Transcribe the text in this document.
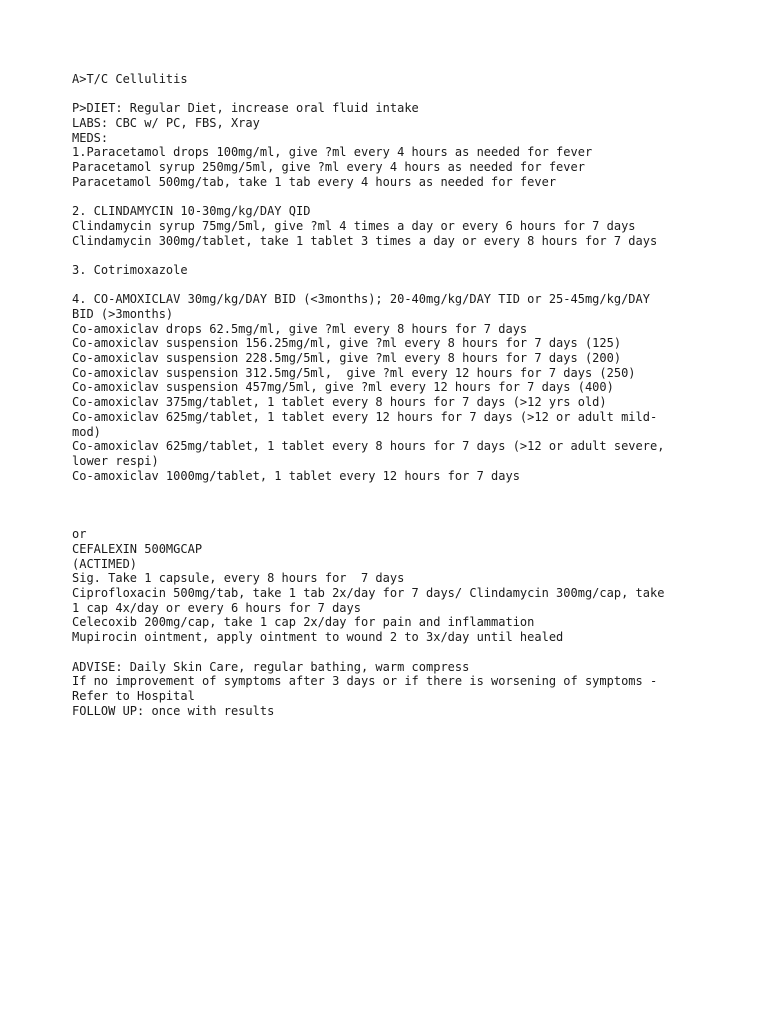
A>T/C Cellulitis
P>DIET: Regular Diet, increase oral fluid intake
LABS: CBC w/ PC, FBS, Xray
MEDS:
1.Paracetamol drops 100mg/ml, give ?ml every 4 hours as needed for fever
Paracetamol syrup 250mg/5ml, give ?ml every 4 hours as needed for fever
Paracetamol 500mg/tab, take 1 tab every 4 hours as needed for fever
2. CLINDAMYCIN 10-30mg/kg/DAY QID
Clindamycin syrup 75mg/5ml, give ?ml 4 times a day or every 6 hours for 7 days
Clindamycin 300mg/tablet, take 1 tablet 3 times a day or every 8 hours for 7 days
3. Cotrimoxazole
4. CO-AMOXICLAV 30mg/kg/DAY BID (<3months); 20-40mg/kg/DAY TID or 25-45mg/kg/DAY
BID (>3months)
Co-amoxiclav drops 62.5mg/ml, give ?ml every 8 hours for 7 days
Co-amoxiclav suspension 156.25mg/ml, give ?ml every 8 hours for 7 days (125)
Co-amoxiclav suspension 228.5mg/5ml, give ?ml every 8 hours for 7 days (200)
Co-amoxiclav suspension 312.5mg/5ml,  give ?ml every 12 hours for 7 days (250)
Co-amoxiclav suspension 457mg/5ml, give ?ml every 12 hours for 7 days (400)
Co-amoxiclav 375mg/tablet, 1 tablet every 8 hours for 7 days (>12 yrs old)
Co-amoxiclav 625mg/tablet, 1 tablet every 12 hours for 7 days (>12 or adult mild-
mod)
Co-amoxiclav 625mg/tablet, 1 tablet every 8 hours for 7 days (>12 or adult severe,
lower respi)
Co-amoxiclav 1000mg/tablet, 1 tablet every 12 hours for 7 days
or
CEFALEXIN 500MGCAP
(ACTIMED)
Sig. Take 1 capsule, every 8 hours for  7 days
Ciprofloxacin 500mg/tab, take 1 tab 2x/day for 7 days/ Clindamycin 300mg/cap, take
1 cap 4x/day or every 6 hours for 7 days
Celecoxib 200mg/cap, take 1 cap 2x/day for pain and inflammation
Mupirocin ointment, apply ointment to wound 2 to 3x/day until healed
ADVISE: Daily Skin Care, regular bathing, warm compress
If no improvement of symptoms after 3 days or if there is worsening of symptoms -
Refer to Hospital
FOLLOW UP: once with results
